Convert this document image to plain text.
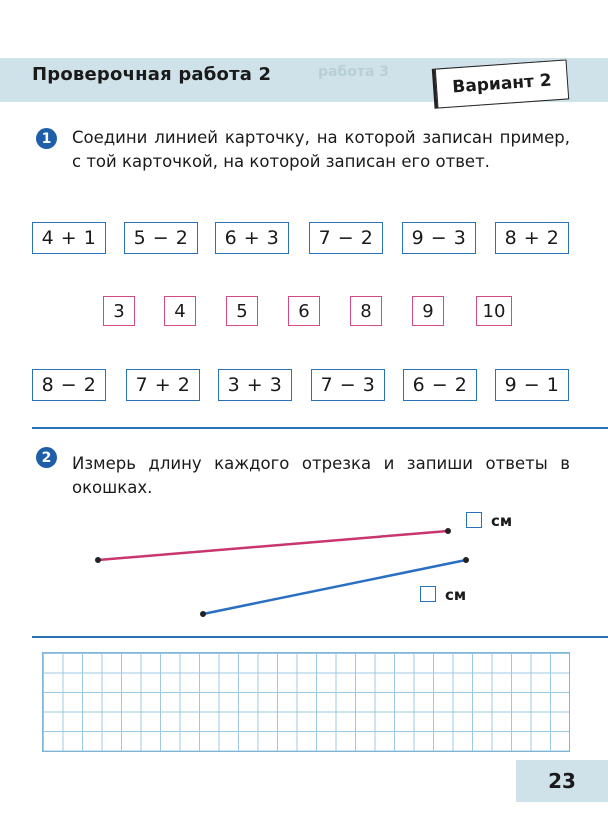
работа 3
Проверочная работа 2	Вариант 2
1	Соедини линией карточку, на которой записан пример, с той карточкой, на которой записан его ответ.
4 + 1	5 − 2	6 + 3	7 − 2	9 − 3	8 + 2
3	4	5	6	8	9	10
8 − 2	7 + 2	3 + 3	7 − 3	6 − 2	9 − 1
2	Измерь длину каждого отрезка и запиши ответы в окошках.
см
см
23
